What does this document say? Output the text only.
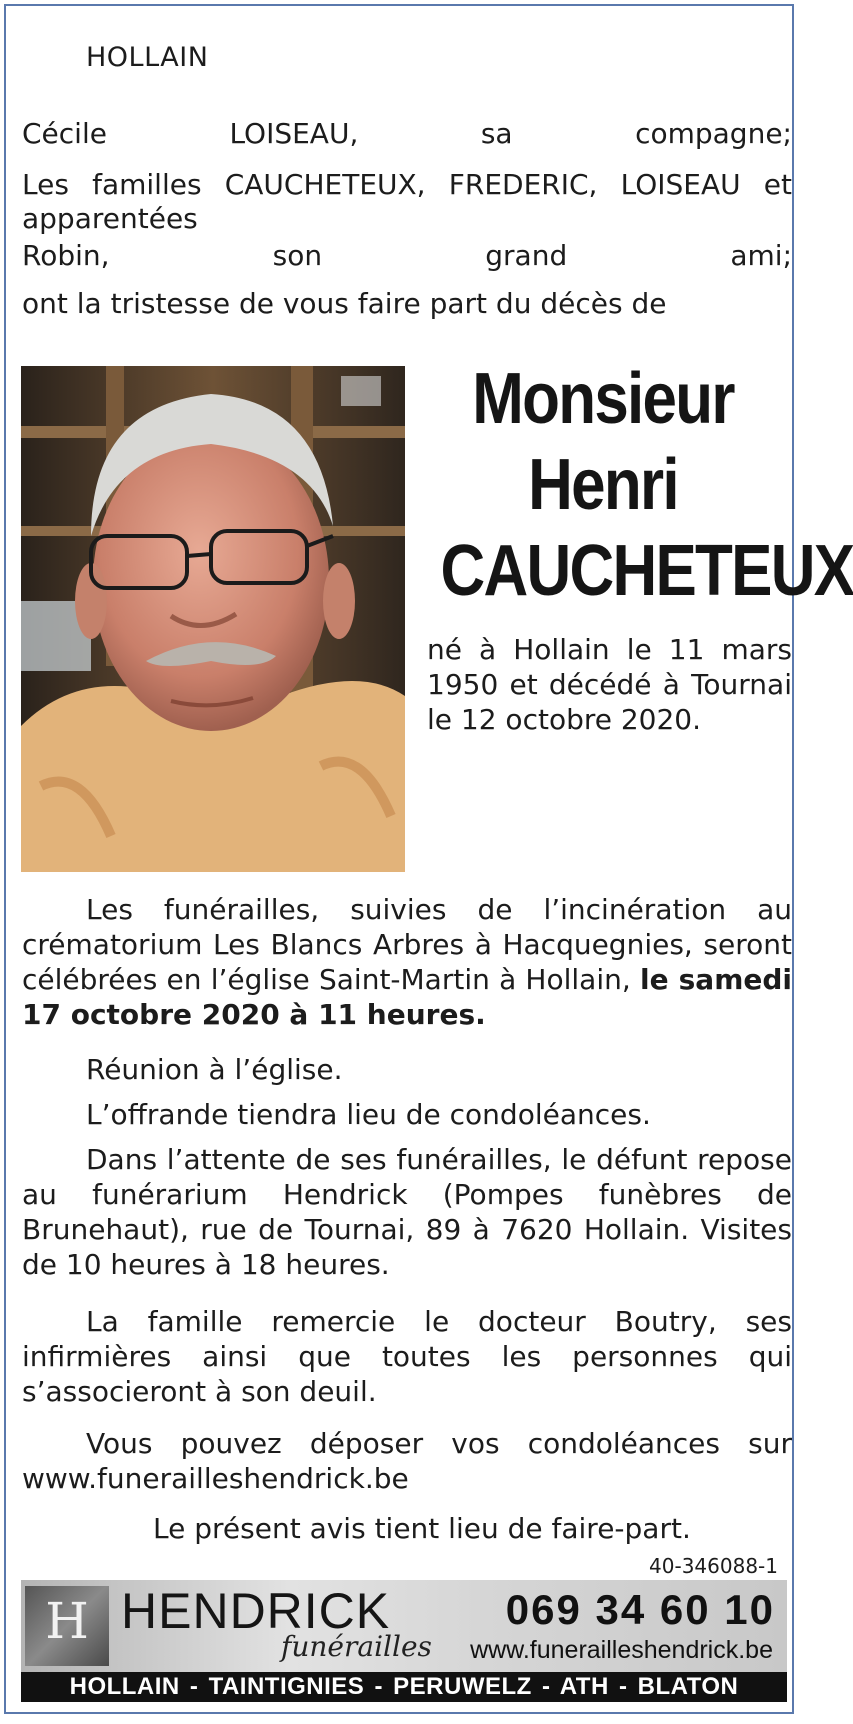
HOLLAIN
Cécile LOISEAU,	sa compagne;
Les familles CAUCHETEUX, FREDERIC, LOISEAU et
apparentées
Robin,	son grand ami;
ont la tristesse de vous faire part du décès de
Monsieur
Henri
CAUCHETEUX
né à Hollain le 11 mars 1950 et décédé à Tournai le 12 octobre 2020.
Les funérailles, suivies de l’incinération au crématorium Les Blancs Arbres à Hacquegnies, seront célébrées en l’église Saint-Martin à Hollain, le samedi 17 octobre 2020 à 11 heures.
Réunion à l’église.
L’offrande tiendra lieu de condoléances.
Dans l’attente de ses funérailles, le défunt repose au funérarium Hendrick (Pompes funèbres de Brunehaut), rue de Tournai, 89 à 7620 Hollain. Visites de 10 heures à 18 heures.
La famille remercie le docteur Boutry, ses infirmières ainsi que toutes les personnes qui s’associeront à son deuil.
Vous pouvez déposer vos condoléances sur www.funerailleshendrick.be
Le présent avis tient lieu de faire-part.
40-346088-1
H HENDRICK
funérailles
069 34 60 10
www.funerailleshendrick.be
HOLLAIN - TAINTIGNIES - PERUWELZ - ATH - BLATON
